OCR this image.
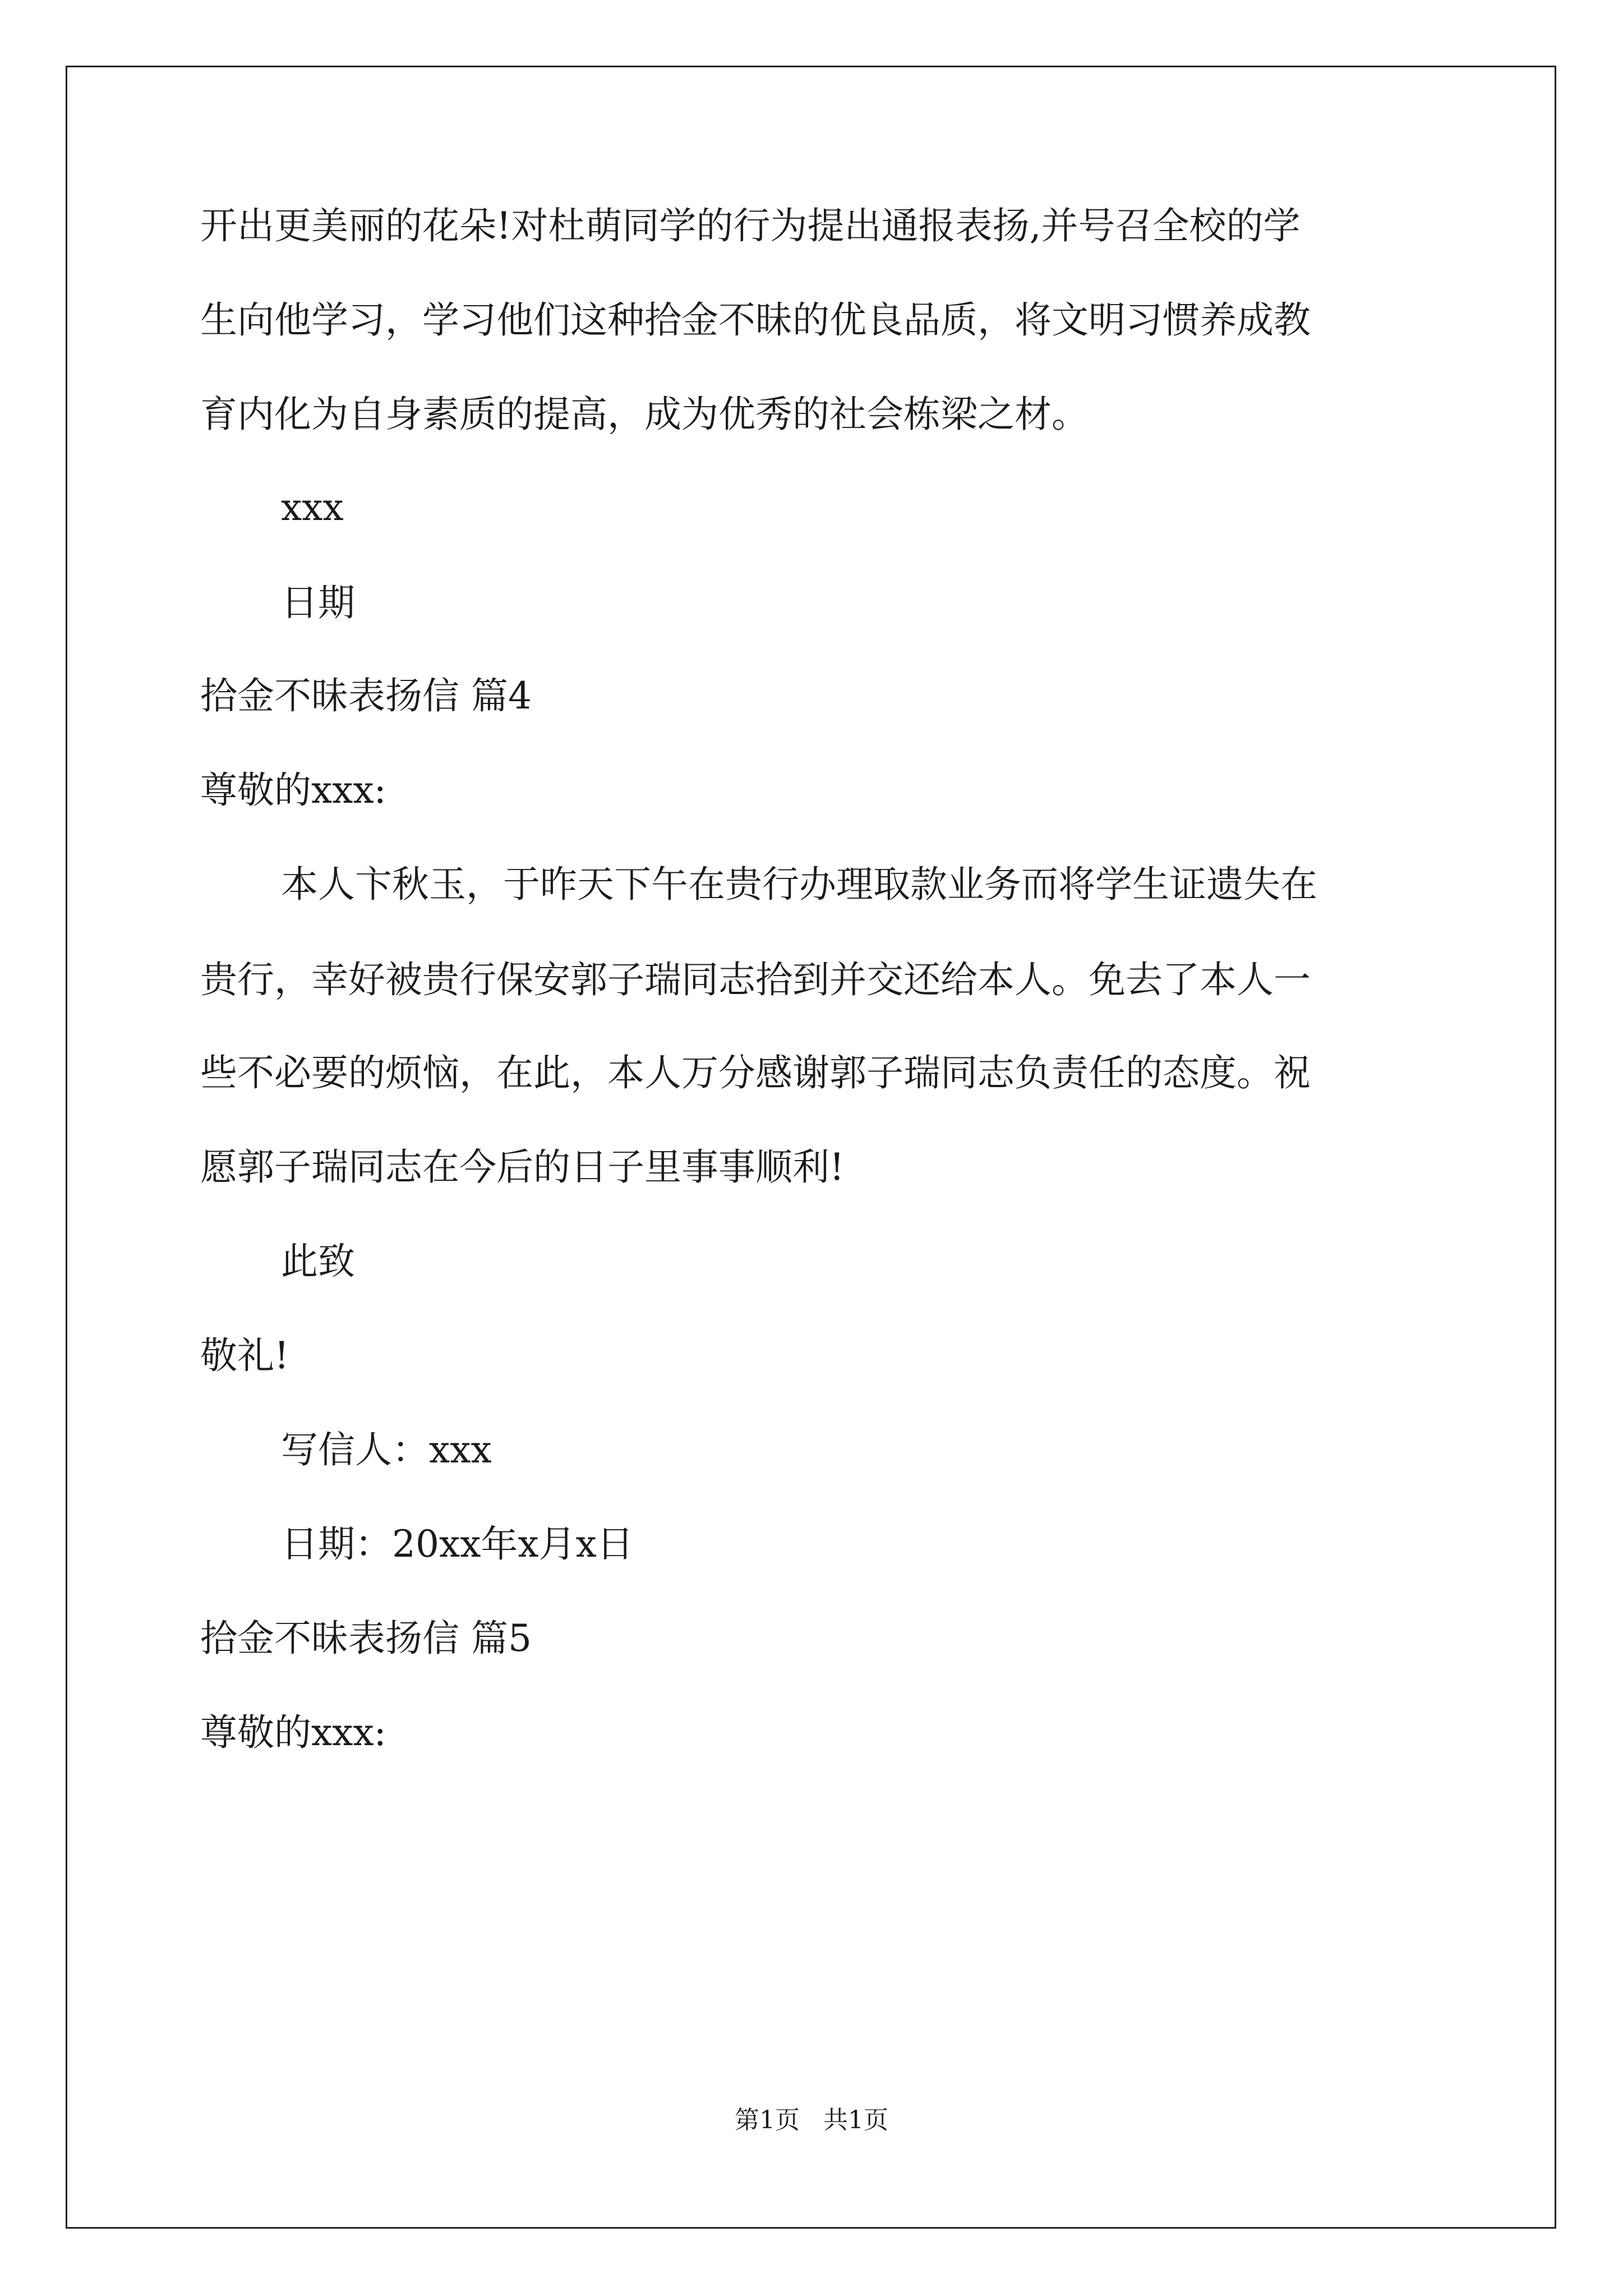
开出更美丽的花朵!对杜萌同学的行为提出通报表扬,并号召全校的学
生向他学习，学习他们这种拾金不昧的优良品质，将文明习惯养成教
育内化为自身素质的提高，成为优秀的社会栋梁之材。
xxx
日期
拾金不昧表扬信 篇4
尊敬的xxx:
本人卞秋玉，于昨天下午在贵行办理取款业务而将学生证遗失在
贵行，幸好被贵行保安郭子瑞同志拾到并交还给本人。免去了本人一
些不必要的烦恼，在此，本人万分感谢郭子瑞同志负责任的态度。祝
愿郭子瑞同志在今后的日子里事事顺利!
此致
敬礼!
写信人：xxx
日期：20xx年x月x日
拾金不昧表扬信 篇5
尊敬的xxx:
第1页   共1页
